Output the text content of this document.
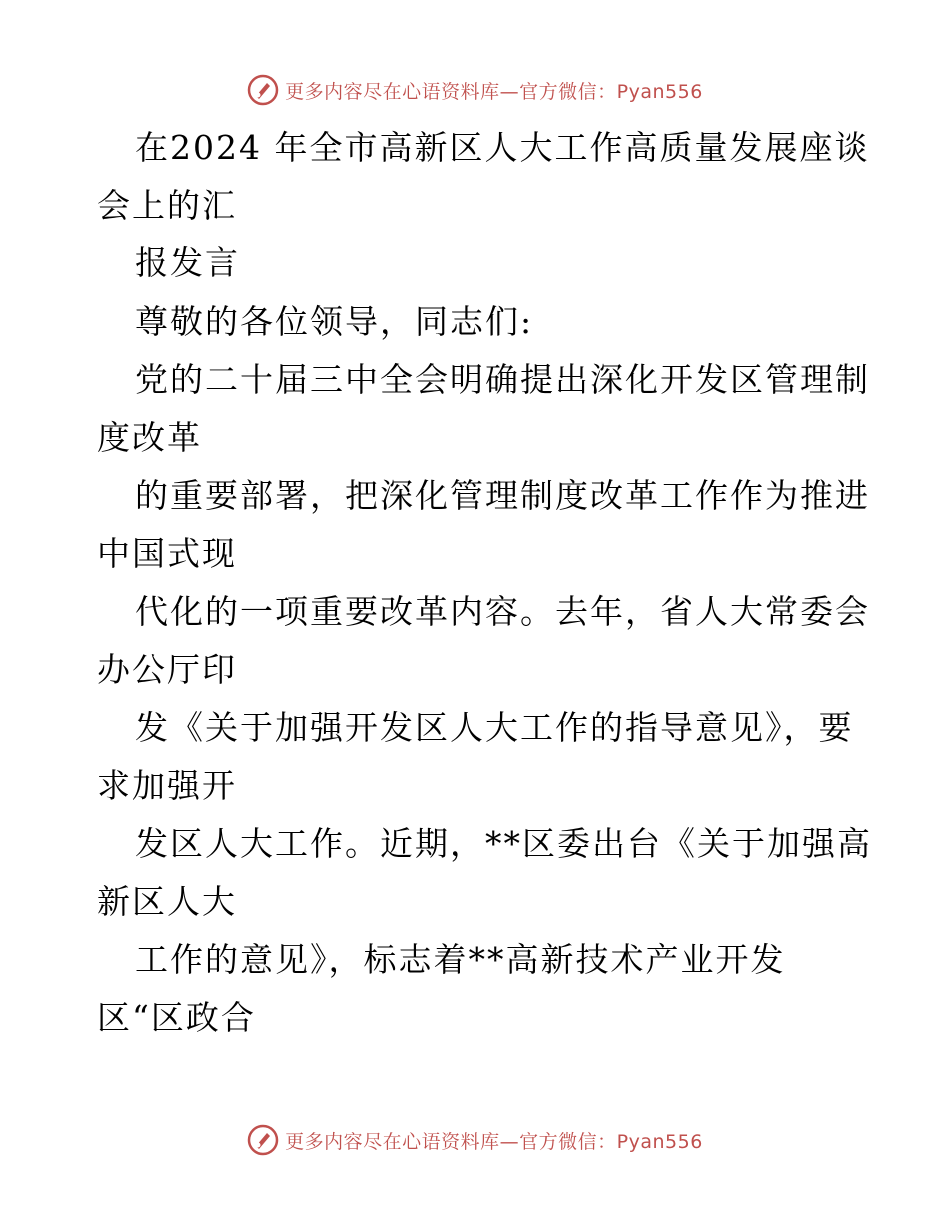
更多内容尽在心语资料库—官方微信：Pyan556
在2024 年全市高新区人大工作高质量发展座谈
会上的汇
报发言
尊敬的各位领导，同志们:
党的二十届三中全会明确提出深化开发区管理制
度改革
的重要部署，把深化管理制度改革工作作为推进
中国式现
代化的一项重要改革内容。去年，省人大常委会
办公厅印
发《关于加强开发区人大工作的指导意见》，要
求加强开
发区人大工作。近期，**区委出台《关于加强高
新区人大
工作的意见》，标志着**高新技术产业开发
区“区政合
更多内容尽在心语资料库—官方微信：Pyan556
